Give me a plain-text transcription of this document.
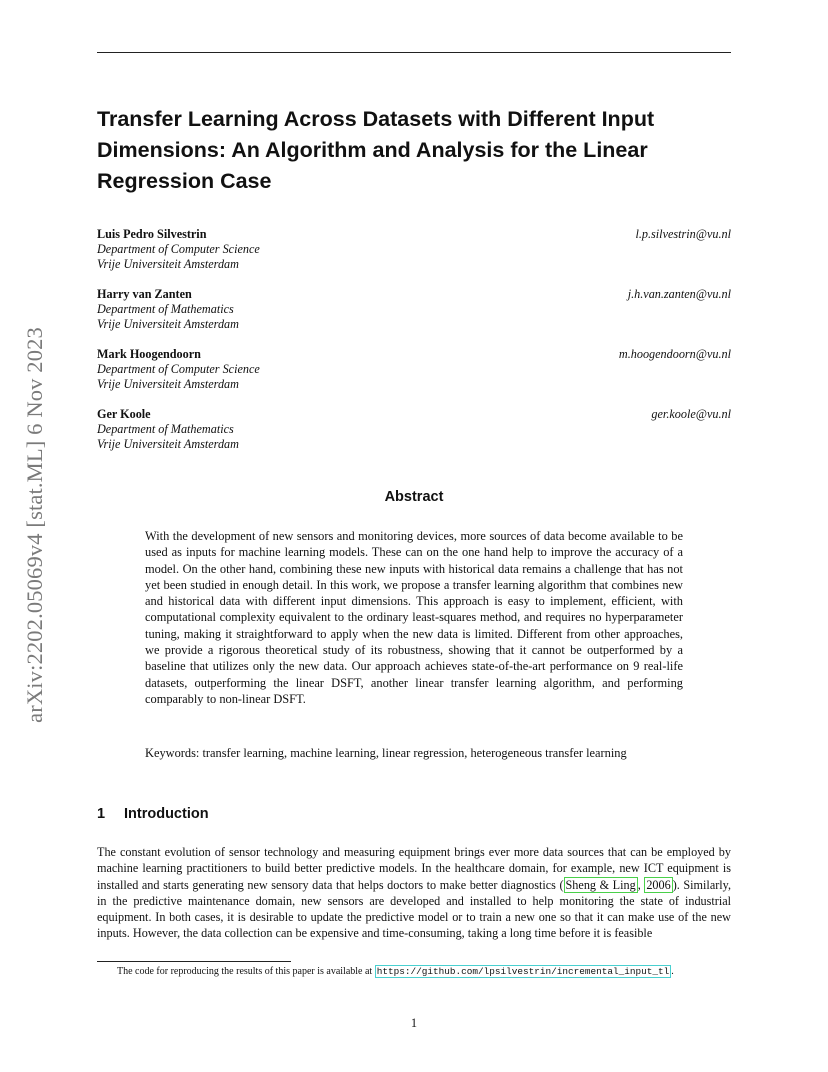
arXiv:2202.05069v4 [stat.ML] 6 Nov 2023
Transfer Learning Across Datasets with Different Input Dimensions: An Algorithm and Analysis for the Linear Regression Case
Luis Pedro Silvestrin
Department of Computer Science
Vrije Universiteit Amsterdam
l.p.silvestrin@vu.nl
Harry van Zanten
Department of Mathematics
Vrije Universiteit Amsterdam
j.h.van.zanten@vu.nl
Mark Hoogendoorn
Department of Computer Science
Vrije Universiteit Amsterdam
m.hoogendoorn@vu.nl
Ger Koole
Department of Mathematics
Vrije Universiteit Amsterdam
ger.koole@vu.nl
Abstract

With the development of new sensors and monitoring devices, more sources of data become available to be used as inputs for machine learning models. These can on the one hand help to improve the accuracy of a model. On the other hand, combining these new inputs with historical data remains a challenge that has not yet been studied in enough detail. In this work, we propose a transfer learning algorithm that combines new and historical data with different input dimensions. This approach is easy to implement, efficient, with computational complexity equivalent to the ordinary least-squares method, and requires no hyperparameter tuning, making it straightforward to apply when the new data is limited. Different from other approaches, we provide a rigorous theoretical study of its robustness, showing that it cannot be outperformed by a baseline that utilizes only the new data. Our approach achieves state-of-the-art performance on 9 real-life datasets, outperforming the linear DSFT, another linear transfer learning algorithm, and performing comparably to non-linear DSFT.

Keywords: transfer learning, machine learning, linear regression, heterogeneous transfer learning

1 Introduction

The constant evolution of sensor technology and measuring equipment brings ever more data sources that can be employed by machine learning practitioners to build better predictive models. In the healthcare domain, for example, new ICT equipment is installed and starts generating new sensory data that helps doctors to make better diagnostics ( Sheng & Ling , 2006 ). Similarly, in the predictive maintenance domain, new sensors are developed and installed to help monitoring the state of industrial equipment. In both cases, it is desirable to update the predictive model or to train a new one so that it can make use of the new inputs. However, the data collection can be expensive and time-consuming, taking a long time before it is feasible

The code for reproducing the results of this paper is available at https://github.com/lpsilvestrin/incremental_input_tl .

1
